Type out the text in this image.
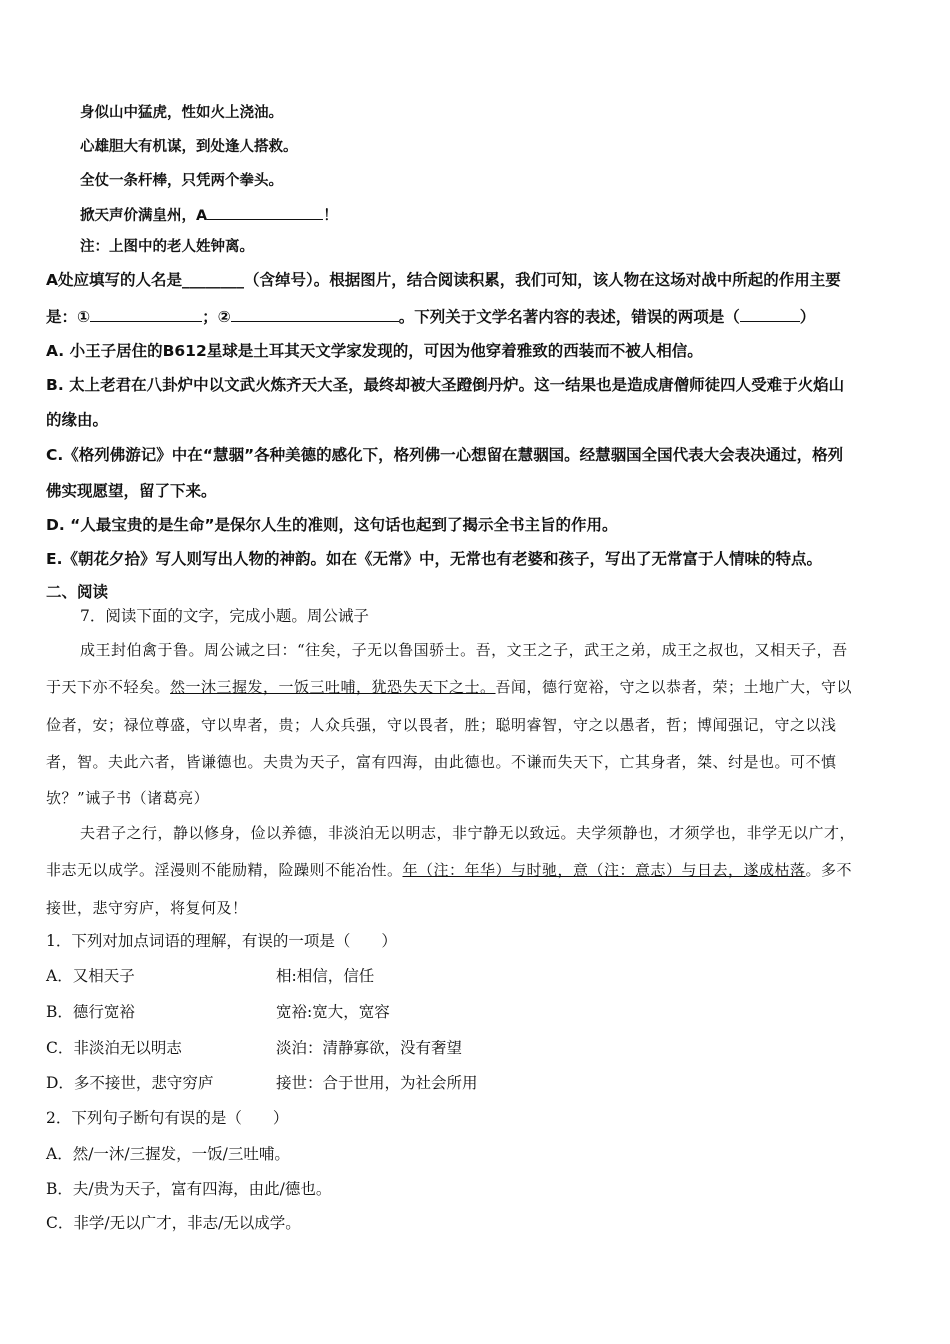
身似山中猛虎，性如火上浇油。
心雄胆大有机谋，到处逢人搭救。
全仗一条杆棒，只凭两个拳头。
掀天声价满皇州，A	！
注：上图中的老人姓钟离。
A处应填写的人名是________（含绰号）。根据图片，结合阅读积累，我们可知，该人物在这场对战中所起的作用主要
是：①	；②	。下列关于文学名著内容的表述，错误的两项是（	）
A. 小王子居住的B612星球是土耳其天文学家发现的，可因为他穿着雅致的西装而不被人相信。
B. 太上老君在八卦炉中以文武火炼齐天大圣，最终却被大圣蹬倒丹炉。这一结果也是造成唐僧师徒四人受难于火焰山
的缘由。
C.《格列佛游记》中在“慧骃”各种美德的感化下，格列佛一心想留在慧骃国。经慧骃国全国代表大会表决通过，格列
佛实现愿望，留了下来。
D. “人最宝贵的是生命”是保尔人生的准则，这句话也起到了揭示全书主旨的作用。
E.《朝花夕拾》写人则写出人物的神韵。如在《无常》中，无常也有老婆和孩子，写出了无常富于人情味的特点。
二、阅读
7．阅读下面的文字，完成小题。周公诫子
成王封伯禽于鲁。周公诫之曰：“往矣，子无以鲁国骄士。吾，文王之子，武王之弟，成王之叔也，又相天子，吾
于天下亦不轻矣。然一沐三握发，一饭三吐哺，犹恐失天下之士。吾闻，德行宽裕，守之以恭者，荣；土地广大，守以
俭者，安；禄位尊盛，守以卑者，贵；人众兵强，守以畏者，胜；聪明睿智，守之以愚者，哲；博闻强记，守之以浅
者，智。夫此六者，皆谦德也。夫贵为天子，富有四海，由此德也。不谦而失天下，亡其身者，桀、纣是也。可不慎
欤？”诫子书（诸葛亮）
夫君子之行，静以修身，俭以养德，非淡泊无以明志，非宁静无以致远。夫学须静也，才须学也，非学无以广才，
非志无以成学。淫漫则不能励精，险躁则不能冶性。年（注：年华）与时驰，意（注：意志）与日去，遂成枯落。多不
接世，悲守穷庐，将复何及！
1．下列对加点词语的理解，有误的一项是（　　）
A．又相天子	相:相信，信任
B．德行宽裕	宽裕:宽大，宽容
C．非淡泊无以明志	淡泊：清静寡欲，没有奢望
D．多不接世，悲守穷庐	接世：合于世用，为社会所用
2．下列句子断句有误的是（　　）
A．然/一沐/三握发，一饭/三吐哺。
B．夫/贵为天子，富有四海，由此/德也。
C．非学/无以广才，非志/无以成学。
